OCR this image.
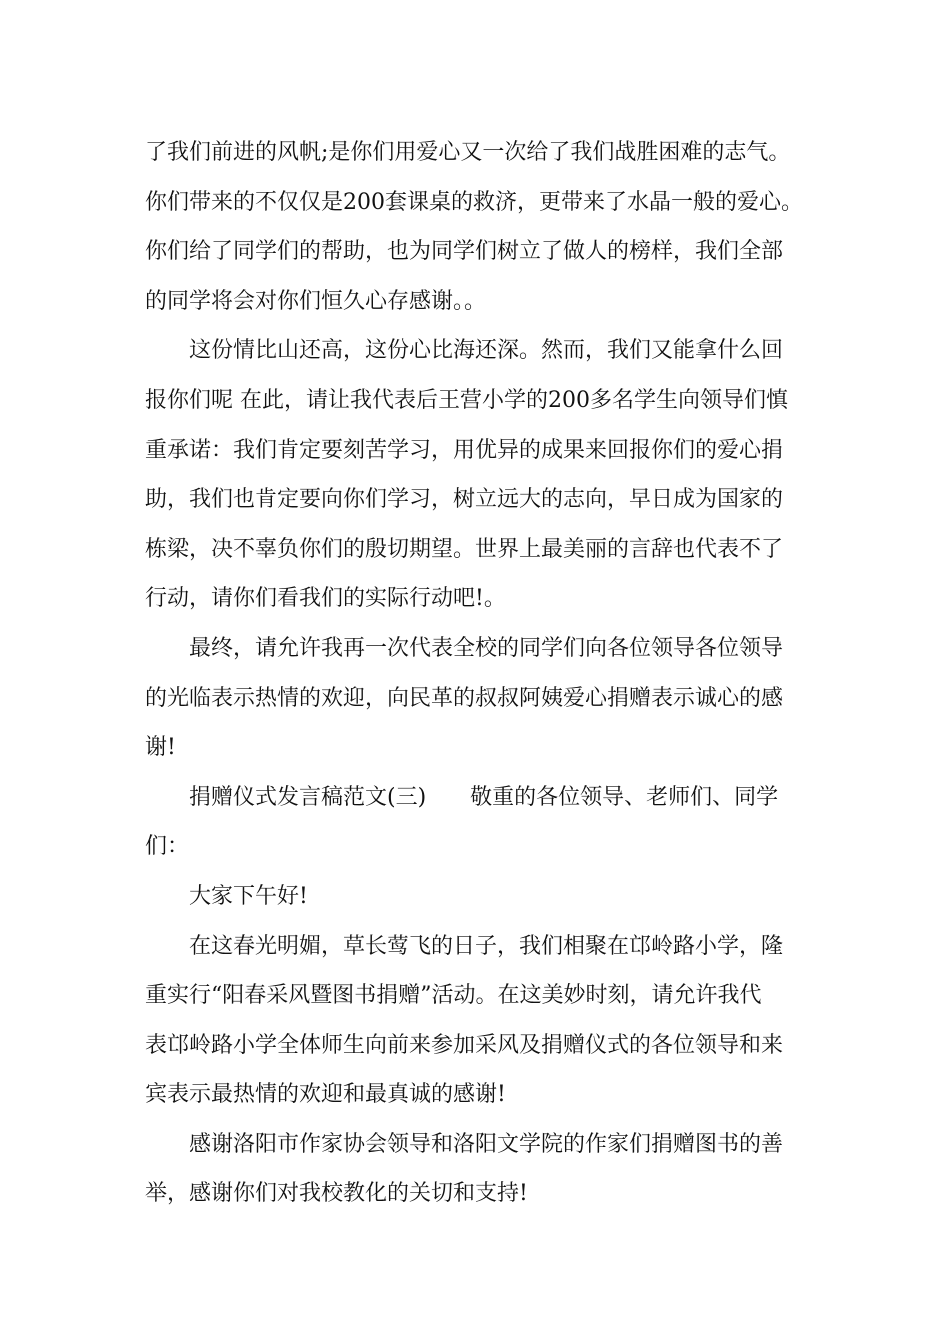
了我们前进的风帆;是你们用爱心又一次给了我们战胜困难的志气。
你们带来的不仅仅是200套课桌的救济，更带来了水晶一般的爱心。
你们给了同学们的帮助，也为同学们树立了做人的榜样，我们全部
的同学将会对你们恒久心存感谢。。
这份情比山还高，这份心比海还深。然而，我们又能拿什么回
报你们呢 在此，请让我代表后王营小学的200多名学生向领导们慎
重承诺：我们肯定要刻苦学习，用优异的成果来回报你们的爱心捐
助，我们也肯定要向你们学习，树立远大的志向，早日成为国家的
栋梁，决不辜负你们的殷切期望。世界上最美丽的言辞也代表不了
行动，请你们看我们的实际行动吧!。
最终，请允许我再一次代表全校的同学们向各位领导各位领导
的光临表示热情的欢迎，向民革的叔叔阿姨爱心捐赠表示诚心的感
谢!
捐赠仪式发言稿范文(三)　　敬重的各位领导、老师们、同学
们：
大家下午好!
在这春光明媚，草长莺飞的日子，我们相聚在邙岭路小学，隆
重实行“阳春采风暨图书捐赠”活动。在这美妙时刻，请允许我代
表邙岭路小学全体师生向前来参加采风及捐赠仪式的各位领导和来
宾表示最热情的欢迎和最真诚的感谢!
感谢洛阳市作家协会领导和洛阳文学院的作家们捐赠图书的善
举，感谢你们对我校教化的关切和支持!
